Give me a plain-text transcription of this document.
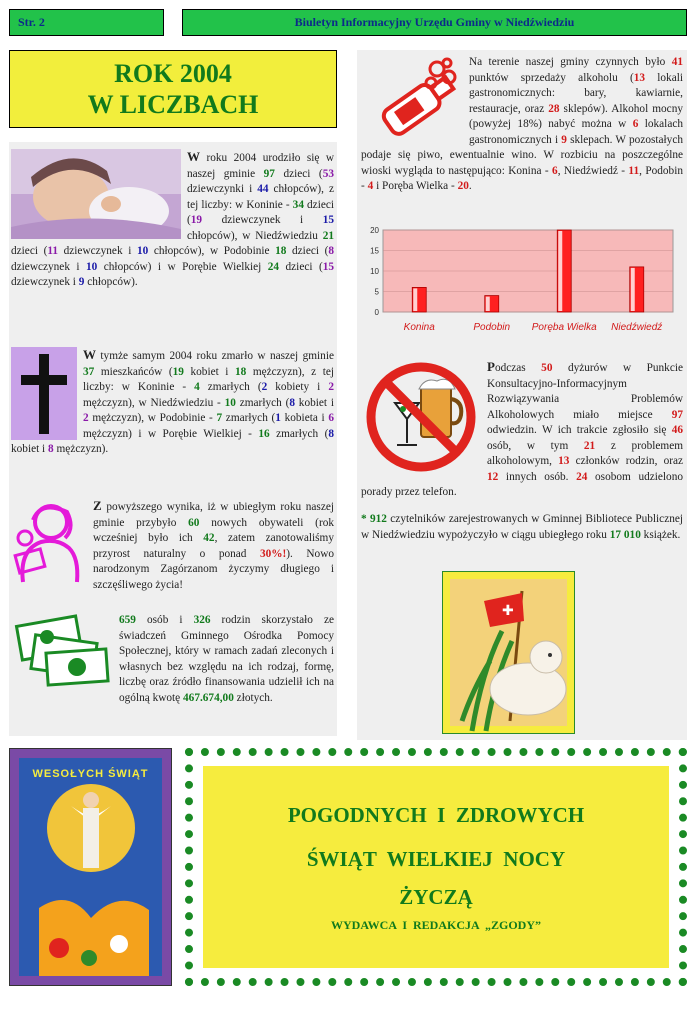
Str. 2	Biuletyn Informacyjny Urzędu Gminy w Niedźwiedziu
ROK 2004
W LICZBACH

W roku 2004 urodziło się w naszej gminie 97 dzieci (53 dziewczynki i 44 chłopców), z tej liczby: w Koninie - 34 dzieci (19 dziewczynek i 15 chłopców), w Niedźwiedziu 21 dzieci (11 dziewczynek i 10 chłopców), w Podobinie 18 dzieci (8 dziewczynek i 10 chłopców) i w Porębie Wielkiej 24 dzieci (15 dziewczynek i 9 chłopców).

W tymże samym 2004 roku zmarło w naszej gminie 37 mieszkańców (19 kobiet i 18 mężczyzn), z tej liczby: w Koninie - 4 zmarłych (2 kobiety i 2 mężczyzn), w Niedźwiedziu - 10 zmarłych (8 kobiet i 2 mężczyzn), w Podobinie - 7 zmarłych (1 kobieta i 6 mężczyzn) i w Porębie Wielkiej - 16 zmarłych (8 kobiet i 8 mężczyzn).

Z powyższego wynika, iż w ubiegłym roku naszej gminie przybyło 60 nowych obywateli (rok wcześniej było ich 42, zatem zanotowaliśmy przyrost naturalny o ponad 30%!). Nowo narodzonym Zagórzanom życzymy długiego i szczęśliwego życia!

659 osób i 326 rodzin skorzystało ze świadczeń Gminnego Ośrodka Pomocy Społecznej, który w ramach zadań zleconych i własnych bez względu na ich rodzaj, formę, liczbę oraz źródło finansowania udzielił ich na ogólną kwotę 467.674,00 złotych.

Na terenie naszej gminy czynnych było 41 punktów sprzedaży alkoholu (13 lokali gastronomicznych: bary, kawiarnie, restauracje, oraz 28 sklepów). Alkohol mocny (powyżej 18%) nabyć można w 6 lokalach gastronomicznych i 9 sklepach. W pozostałych podaje się piwo, ewentualnie wino. W rozbiciu na poszczególne wioski wygląda to następująco: Konina - 6, Niedźwiedź - 11, Podobin - 4 i Poręba Wielka - 20.

0
5
10
15
20
Konina	Podobin Poręba Wielka Niedźwiedź

Podczas 50 dyżurów w Punkcie Konsultacyjno-Informacyjnym Rozwiązywania Problemów Alkoholowych miało miejsce 97 odwiedzin. W ich trakcie zgłosiło się 46 osób, w tym 21 z problemem alkoholowym, 13 członków rodzin, oraz 12 innych osób. 24 osobom udzielono porady przez telefon.

* 912 czytelników zarejestrowanych w Gminnej Bibliotece Publicznej w Niedźwiedziu wypożyczyło w ciągu ubiegłego roku 17 010 książek.

✚
WESOŁYCH ŚWIĄT
POGODNYCH  I  ZDROWYCH
ŚWIĄT  WIELKIEJ  NOCY
ŻYCZĄ
WYDAWCA  I  REDAKCJA  „ZGODY”
